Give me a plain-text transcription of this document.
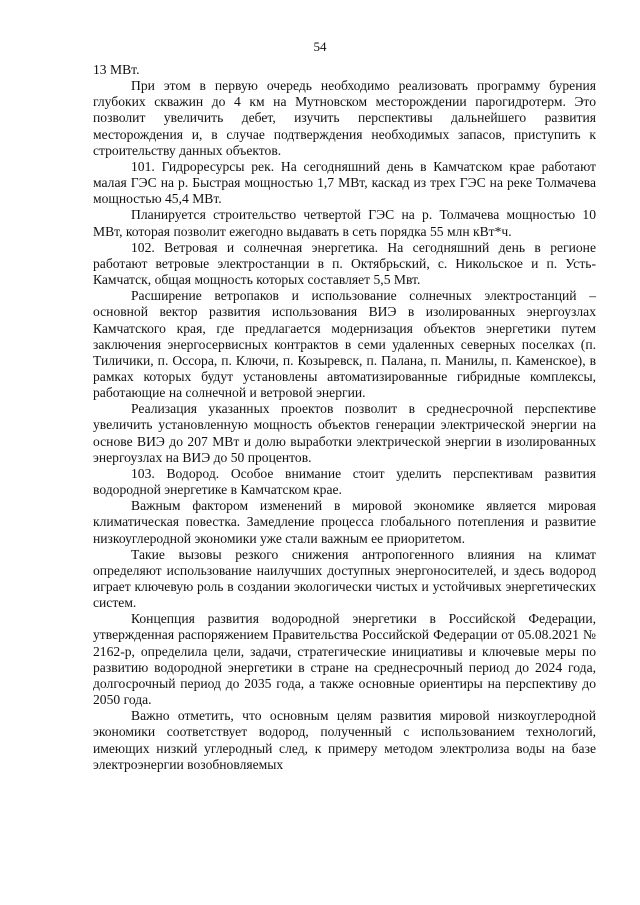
54

13 МВт.

При этом в первую очередь необходимо реализовать программу бурения глубоких скважин до 4 км на Мутновском месторождении парогидротерм. Это позволит увеличить дебет, изучить перспективы дальнейшего развития месторождения и, в случае подтверждения необходимых запасов, приступить к строительству данных объектов.

101. Гидроресурсы рек. На сегодняшний день в Камчатском крае работают малая ГЭС на р. Быстрая мощностью 1,7 МВт, каскад из трех ГЭС на реке Толмачева мощностью 45,4 МВт.

Планируется строительство четвертой ГЭС на р. Толмачева мощностью 10 МВт, которая позволит ежегодно выдавать в сеть порядка 55 млн кВт*ч.

102. Ветровая и солнечная энергетика. На сегодняшний день в регионе работают ветровые электростанции в п. Октябрьский, с. Никольское и п. Усть-Камчатск, общая мощность которых составляет 5,5 Мвт.

Расширение ветропаков и использование солнечных электростанций – основной вектор развития использования ВИЭ в изолированных энергоузлах Камчатского края, где предлагается модернизация объектов энергетики путем заключения энергосервисных контрактов в семи удаленных северных поселках (п. Тиличики, п. Оссора, п. Ключи, п. Козыревск, п. Палана, п. Манилы, п. Каменское), в рамках которых будут установлены автоматизированные гибридные комплексы, работающие на солнечной и ветровой энергии.

Реализация указанных проектов позволит в среднесрочной перспективе увеличить установленную мощность объектов генерации электрической энергии на основе ВИЭ до 207 МВт и долю выработки электрической энергии в изолированных энергоузлах на ВИЭ до 50 процентов.

103. Водород. Особое внимание стоит уделить перспективам развития водородной энергетике в Камчатском крае.

Важным фактором изменений в мировой экономике является мировая климатическая повестка. Замедление процесса глобального потепления и развитие низкоуглеродной экономики уже стали важным ее приоритетом.

Такие вызовы резкого снижения антропогенного влияния на климат определяют использование наилучших доступных энергоносителей, и здесь водород играет ключевую роль в создании экологически чистых и устойчивых энергетических систем.

Концепция развития водородной энергетики в Российской Федерации, утвержденная распоряжением Правительства Российской Федерации от 05.08.2021 № 2162-р, определила цели, задачи, стратегические инициативы и ключевые меры по развитию водородной энергетики в стране на среднесрочный период до 2024 года, долгосрочный период до 2035 года, а также основные ориентиры на перспективу до 2050 года.

Важно отметить, что основным целям развития мировой низкоуглеродной экономики соответствует водород, полученный с использованием технологий, имеющих низкий углеродный след, к примеру методом электролиза воды на базе электроэнергии возобновляемых
